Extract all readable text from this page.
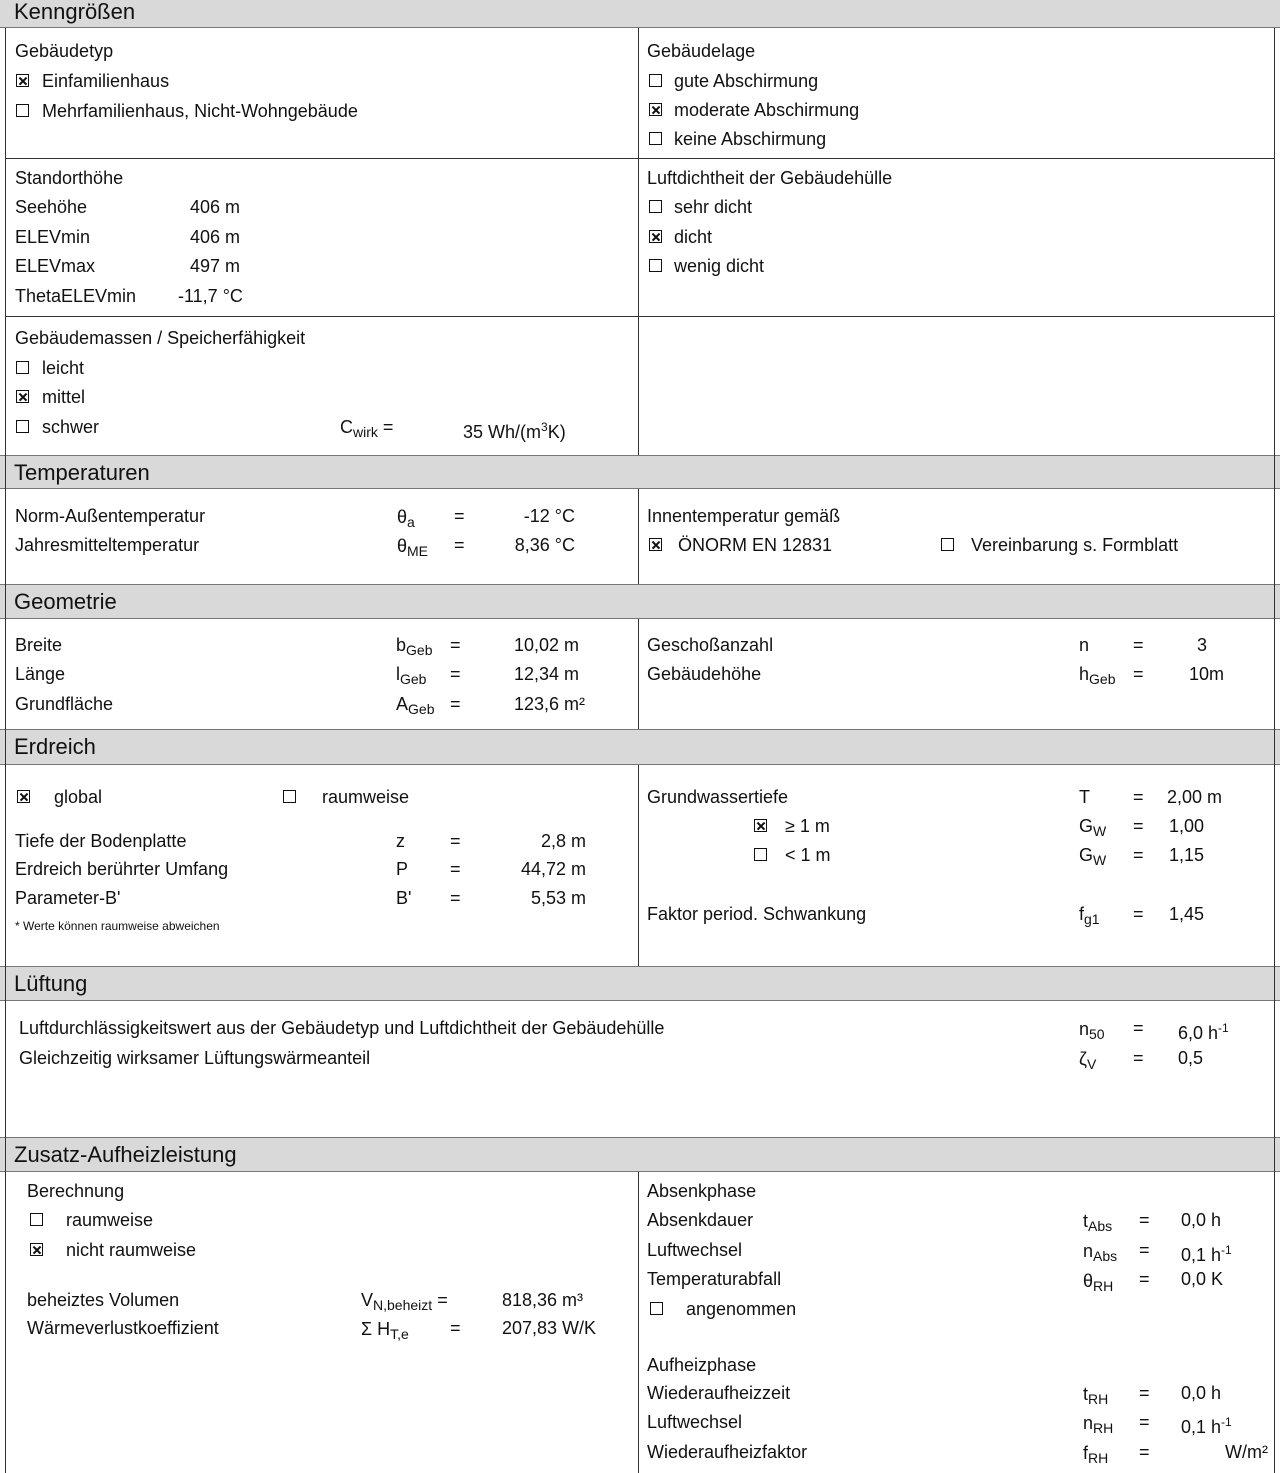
Kenngrößen
Temperaturen
Geometrie
Erdreich
Lüftung
Zusatz-Aufheizleistung
Gebäudetyp
Einfamilienhaus
Mehrfamilienhaus, Nicht-Wohngebäude
Gebäudelage
gute Abschirmung
moderate Abschirmung
keine Abschirmung
Standorthöhe
Seehöhe	406 m
ELEVmin	406 m
ELEVmax	497 m
ThetaELEVmin -11,7 °C
Luftdichtheit der Gebäudehülle
sehr dicht
dicht
wenig dicht
Gebäudemassen / Speicherfähigkeit
leicht
mittel
schwer	$C_{wirk}$ =	35 $Wh/(m^3K)$
Norm-Außentemperatur	$\theta_a$ =	-12 °C
Jahresmitteltemperatur	$\theta_{ME}$ =	8,36 °C
Innentemperatur gemäß
ÖNORM EN 12831	Vereinbarung s. Formblatt
Breite	$b_{Geb}$ =	10,02 m
Länge	$l_{Geb}$ =	12,34 m
Grundfläche	$A_{Geb}$ =	123,6 m²
Geschoßanzahl	n =	3
Gebäudehöhe	$h_{Geb}$ =	10m
global	raumweise
Tiefe der Bodenplatte	z	=	2,8 m
Erdreich berührter Umfang	P =	44,72 m
Parameter-B'	B' =	5,53 m
* Werte können raumweise abweichen
Grundwassertiefe	T = 2,00 m
≥ 1 m	$G_W = 1,00$
< 1 m	$G_W = 1,15$
Faktor period. Schwankung	$f_{g1} = 1,45$
Luftdurchlässigkeitswert aus der Gebäudetyp und Luftdichtheit der Gebäudehülle	$n_{50} = 6,0$ $h^{-1}$
Gleichzeitig wirksamer Lüftungswärmeanteil	$\zeta_V = 0,5$
Berechnung
raumweise
nicht raumweise
beheiztes Volumen	$V_{N,beheizt}$ =	818,36 m³
Wärmeverlustkoeffizient	Σ $H_{T,e} = 207,83$ W/K
Absenkphase
Absenkdauer	$t_{Abs} = 0,0$ h
Luftwechsel	$n_{Abs} = 0,1$ $h^{-1}$
Temperaturabfall	$\theta_{RH} = 0,0$ K
angenommen
Aufheizphase
Wiederaufheizzeit	$t_{RH} = 0,0$ h
Luftwechsel	$n_{RH} = 0,1$ $h^{-1}$
Wiederaufheizfaktor	$f_{RH}$ =	W/m²
